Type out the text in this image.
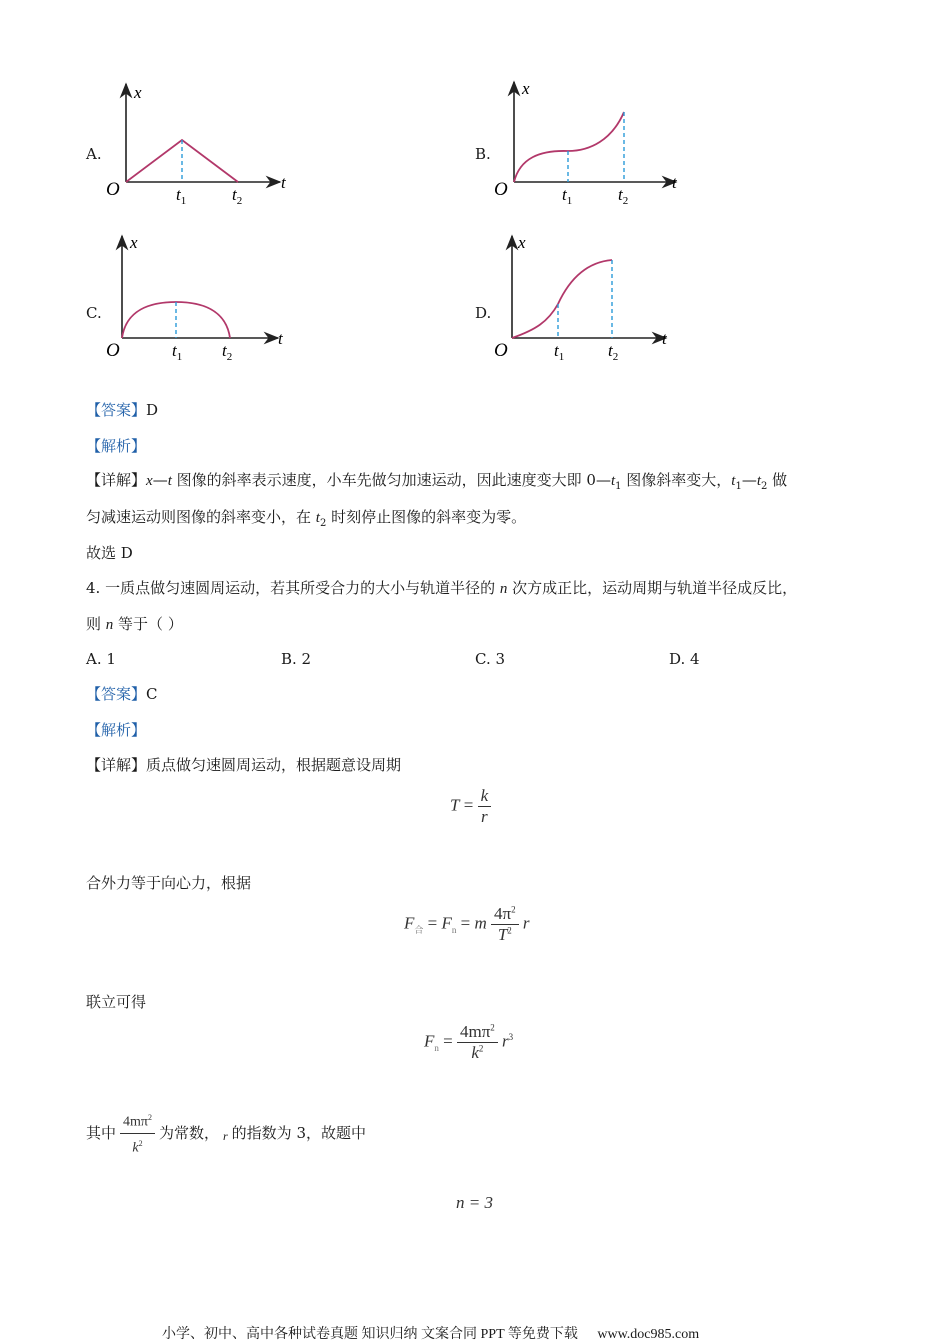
A.
x
t
O	$t_1$	$t_2$
B.
x
t
O	$t_1$	$t_2$
C.
x
t
O	$t_1$ $t_2$
D.
x
t
O	$t_1$	$t_2$
【答案】D
【解析】
【详解】x—t 图像的斜率表示速度，小车先做匀加速运动，因此速度变大即 $0—t_1$ 图像斜率变大，$t_1—t_2$ 做
匀减速运动则图像的斜率变小，在 $t_2$ 时刻停止图像的斜率变为零。
故选 D
4. 一质点做匀速圆周运动，若其所受合力的大小与轨道半径的 n 次方成正比，运动周期与轨道半径成反比，
则 n 等于（ ）
A. 1	B. 2	C. 3	D. 4
【答案】C
【解析】
【详解】质点做匀速圆周运动，根据题意设周期
$T = \frac{k}{r}$
合外力等于向心力，根据
$F_合 = F_n = m \frac{4\pi^2}{T^2}$ r
联立可得
$F_n = \frac{4m\pi^2}{k^2} r^3$
其中 $\frac{4m\pi^2}{k^2}$ 为常数， r 的指数为 3，故题中
n = 3
小学、初中、高中各种试卷真题 知识归纳 文案合同 PPT 等免费下载 www.doc985.com
